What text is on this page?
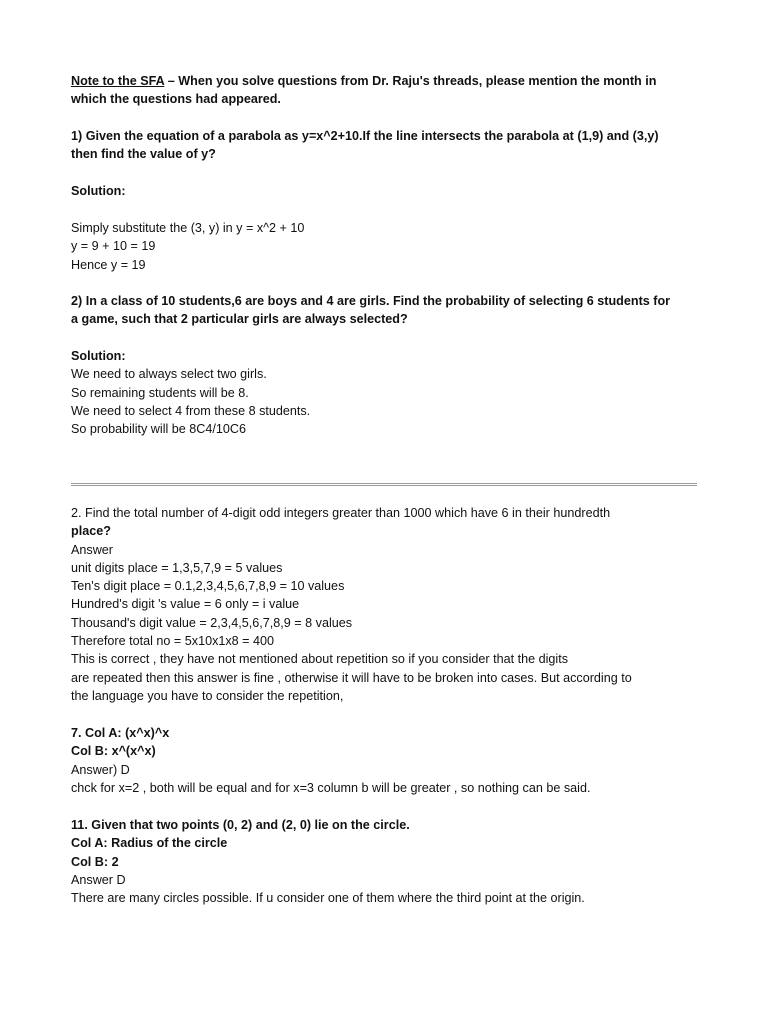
Note to the SFA – When you solve questions from Dr. Raju's threads, please mention the month in
which the questions had appeared.
1) Given the equation of a parabola as y=x^2+10.If the line intersects the parabola at (1,9) and (3,y)
then find the value of y?
Solution:
Simply substitute the (3, y) in y = x^2 + 10
y = 9 + 10 = 19
Hence y = 19
2) In a class of 10 students,6 are boys and 4 are girls. Find the probability of selecting 6 students for
a game, such that 2 particular girls are always selected?
Solution:
We need to always select two girls.
So remaining students will be 8.
We need to select 4 from these 8 students.
So probability will be 8C4/10C6
2. Find the total number of 4-digit odd integers greater than 1000 which have 6 in their hundredth
place?
Answer
unit digits place = 1,3,5,7,9 = 5 values
Ten's digit place = 0.1,2,3,4,5,6,7,8,9 = 10 values
Hundred's digit 's value = 6 only = i value
Thousand's digit value = 2,3,4,5,6,7,8,9 = 8 values
Therefore total no = 5x10x1x8 = 400
This is correct , they have not mentioned about repetition so if you consider that the digits
are repeated then this answer is fine , otherwise it will have to be broken into cases. But according to
the language you have to consider the repetition,
7. Col A: (x^x)^x
Col B: x^(x^x)
Answer) D
chck for x=2 , both will be equal and for x=3 column b will be greater , so nothing can be said.
11. Given that two points (0, 2) and (2, 0) lie on the circle.
Col A: Radius of the circle
Col B: 2
Answer D
There are many circles possible. If u consider one of them where the third point at the origin.
